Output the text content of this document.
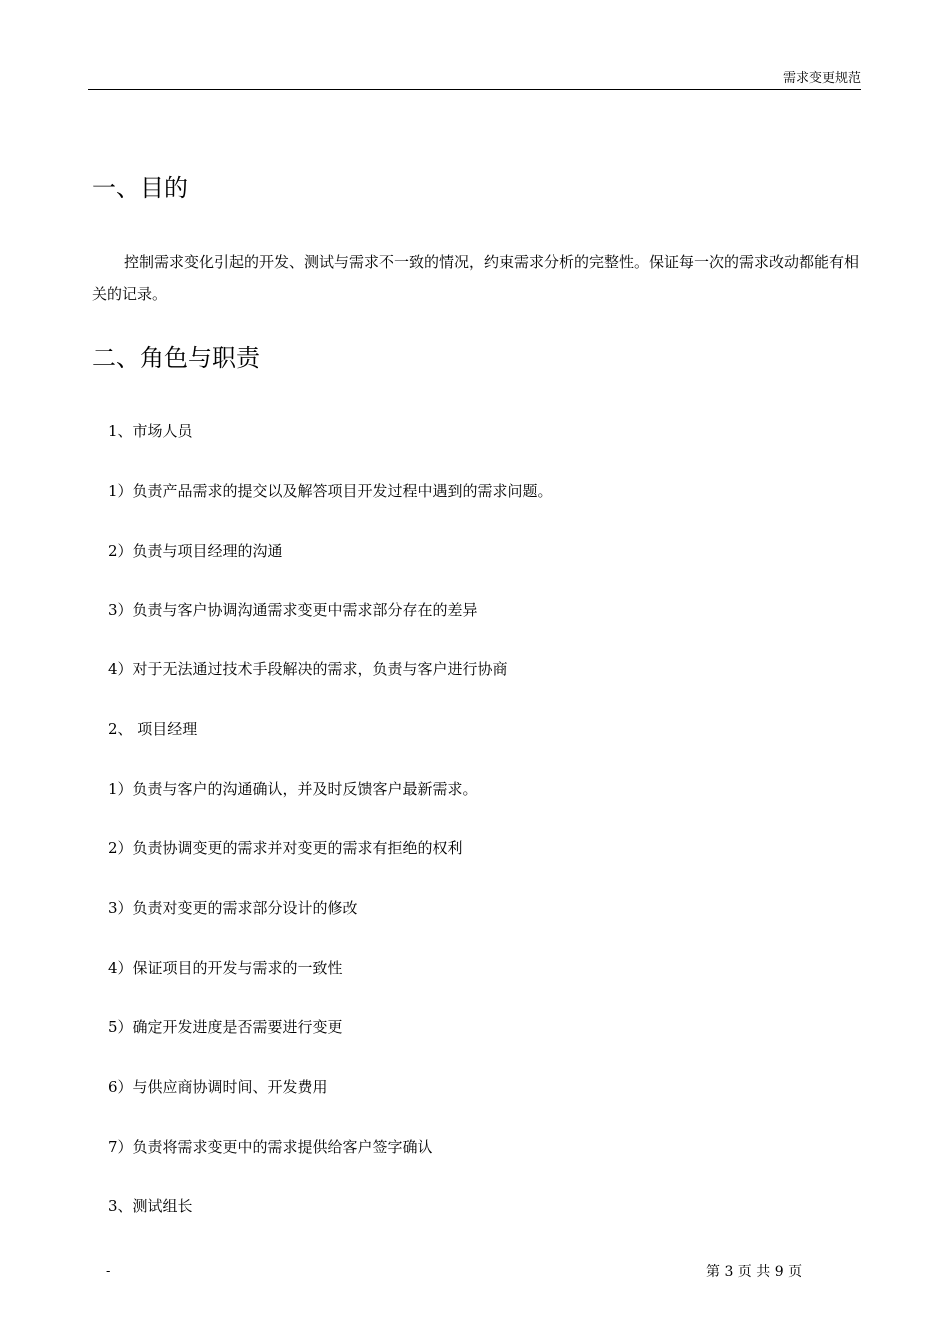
需求变更规范
一、目的

控制需求变化引起的开发、测试与需求不一致的情况，约束需求分析的完整性。保证每一次的需求改动都能有相关的记录。

二、角色与职责
1、市场人员
1）负责产品需求的提交以及解答项目开发过程中遇到的需求问题。
2）负责与项目经理的沟通
3）负责与客户协调沟通需求变更中需求部分存在的差异
4）对于无法通过技术手段解决的需求，负责与客户进行协商
2、 项目经理
1）负责与客户的沟通确认，并及时反馈客户最新需求。
2）负责协调变更的需求并对变更的需求有拒绝的权利
3）负责对变更的需求部分设计的修改
4）保证项目的开发与需求的一致性
5）确定开发进度是否需要进行变更
6）与供应商协调时间、开发费用
7）负责将需求变更中的需求提供给客户签字确认
3、测试组长
-	第 3 页 共 9 页
